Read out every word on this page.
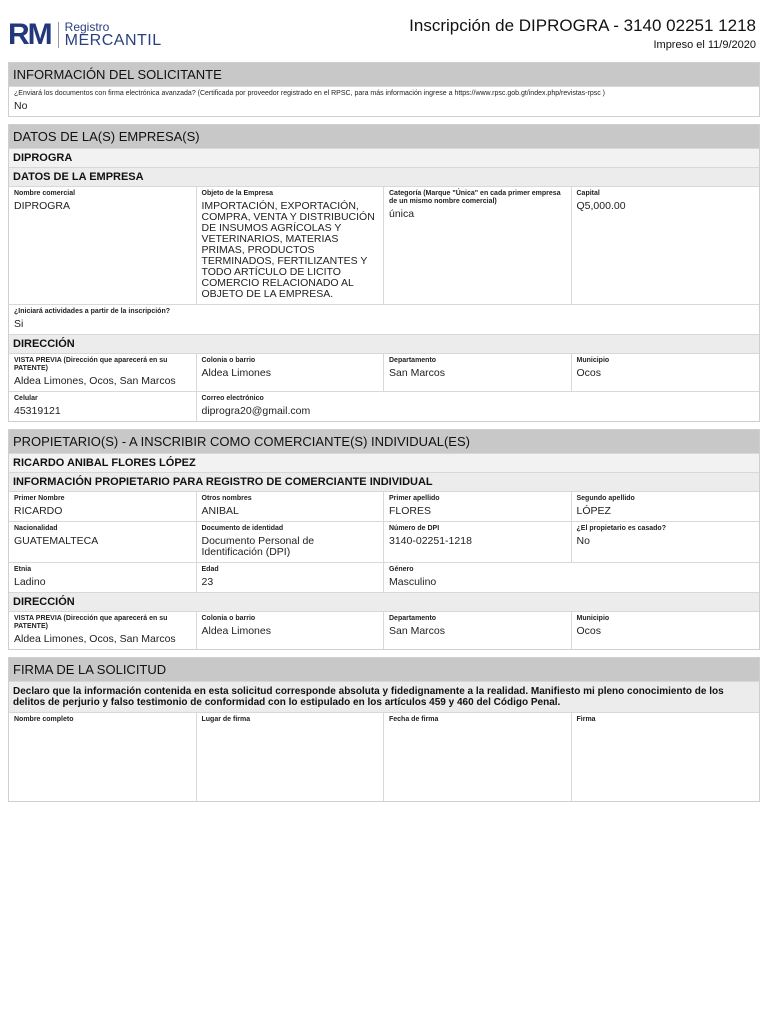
R M Registro
MERCANTIL
Inscripción de DIPROGRA - 3140 02251 1218
Impreso el 11/9/2020
INFORMACIÓN DEL SOLICITANTE
¿Enviará los documentos con firma electrónica avanzada? (Certificada por proveedor registrado en el RPSC, para más información ingrese a https://www.rpsc.gob.gt/index.php/revistas-rpsc )
No
DATOS DE LA(S) EMPRESA(S)
DIPROGRA
DATOS DE LA EMPRESA
Nombre comercial
DIPROGRA
Objeto de la Empresa
IMPORTACIÓN, EXPORTACIÓN, COMPRA, VENTA Y DISTRIBUCIÓN DE INSUMOS AGRÍCOLAS Y VETERINARIOS, MATERIAS PRIMAS, PRODUCTOS TERMINADOS, FERTILIZANTES Y TODO ARTÍCULO DE LICITO COMERCIO RELACIONADO AL OBJETO DE LA EMPRESA.
Categoría (Marque "Única" en cada primer empresa de un mismo nombre comercial)
única
Capital
Q5,000.00
¿Iniciará actividades a partir de la inscripción?
Si
DIRECCIÓN
VISTA PREVIA (Dirección que aparecerá en su PATENTE)
Aldea Limones, Ocos, San Marcos
Colonia o barrio
Aldea Limones
Departamento
San Marcos
Municipio
Ocos
Celular
45319121
Correo electrónico
diprogra20@gmail.com
PROPIETARIO(S) - A INSCRIBIR COMO COMERCIANTE(S) INDIVIDUAL(ES)
RICARDO ANIBAL FLORES LÓPEZ
INFORMACIÓN PROPIETARIO PARA REGISTRO DE COMERCIANTE INDIVIDUAL
Primer Nombre
RICARDO
Otros nombres
ANIBAL
Primer apellido
FLORES
Segundo apellido
LÓPEZ
Nacionalidad
GUATEMALTECA
Documento de identidad
Documento Personal de Identificación (DPI)
Número de DPI
3140-02251-1218
¿El propietario es casado?
No
Etnia
Ladino
Edad
23
Género
Masculino
DIRECCIÓN
VISTA PREVIA (Dirección que aparecerá en su PATENTE)
Aldea Limones, Ocos, San Marcos
Colonia o barrio
Aldea Limones
Departamento
San Marcos
Municipio
Ocos
FIRMA DE LA SOLICITUD
Declaro que la información contenida en esta solicitud corresponde absoluta y fidedignamente a la realidad. Manifiesto mi pleno conocimiento de los delitos de perjurio y falso testimonio de conformidad con lo estipulado en los artículos 459 y 460 del Código Penal.
Nombre completo	Lugar de firma	Fecha de firma	Firma
